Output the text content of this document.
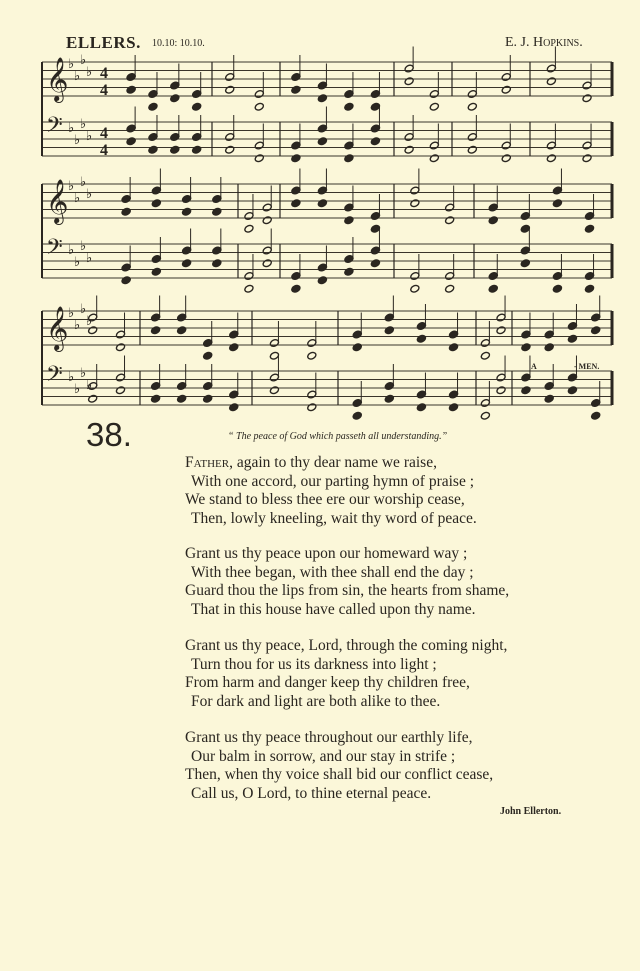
ELLERS. 10.10: 10.10.	E. J. Hopkins.
𝄞 ♭
♭
♭
♭ 4
4
𝄢 ♭
♭
♭
♭ 4
4
𝄞 ♭
♭
♭
♭
𝄢 ♭
♭
♭
♭
𝄞 ♭
♭
♭
♭
𝄢 ♭
♭
♭
♭
A	- MEN.
38.	“ The peace of God which passeth all understanding.”
Father, again to thy dear name we raise,
With one accord, our parting hymn of praise ;
We stand to bless thee ere our worship cease,
Then, lowly kneeling, wait thy word of peace.
Grant us thy peace upon our homeward way ;
With thee began, with thee shall end the day ;
Guard thou the lips from sin, the hearts from shame,
That in this house have called upon thy name.
Grant us thy peace, Lord, through the coming night,
Turn thou for us its darkness into light ;
From harm and danger keep thy children free,
For dark and light are both alike to thee.
Grant us thy peace throughout our earthly life,
Our balm in sorrow, and our stay in strife ;
Then, when thy voice shall bid our conflict cease,
Call us, O Lord, to thine eternal peace.
John Ellerton.
